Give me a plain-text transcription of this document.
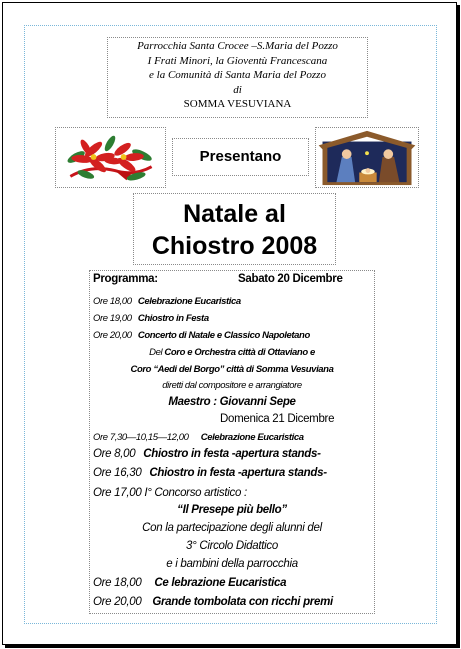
Parrocchia Santa Crocee –S.Maria del Pozzo
I Frati Minori, la Gioventù Francescana
e la Comunità di Santa Maria del Pozzo
di
SOMMA VESUVIANA
Presentano
Natale al
Chiostro 2008
Programma:	Sabato 20 Dicembre
Ore 18,00 Celebrazione Eucaristica
Ore 19,00 Chiostro in Festa
Ore 20,00 Concerto di Natale e Classico Napoletano
Del Coro e Orchestra città di Ottaviano e
Coro “Aedi del Borgo” città di Somma Vesuviana
diretti dal compositore e arrangiatore
Maestro : Giovanni Sepe
Domenica 21 Dicembre
Ore 7,30—10,15—12,00 Celebrazione Eucaristica
Ore 8,00 Chiostro in festa -apertura stands-
Ore 16,30 Chiostro in festa -apertura stands-
Ore 17,00 I° Concorso artistico :
“Il Presepe più bello”
Con la partecipazione degli alunni del
3° Circolo Didattico
e i bambini della parrocchia
Ore 18,00 Ce lebrazione Eucaristica
Ore 20,00 Grande tombolata con ricchi premi
